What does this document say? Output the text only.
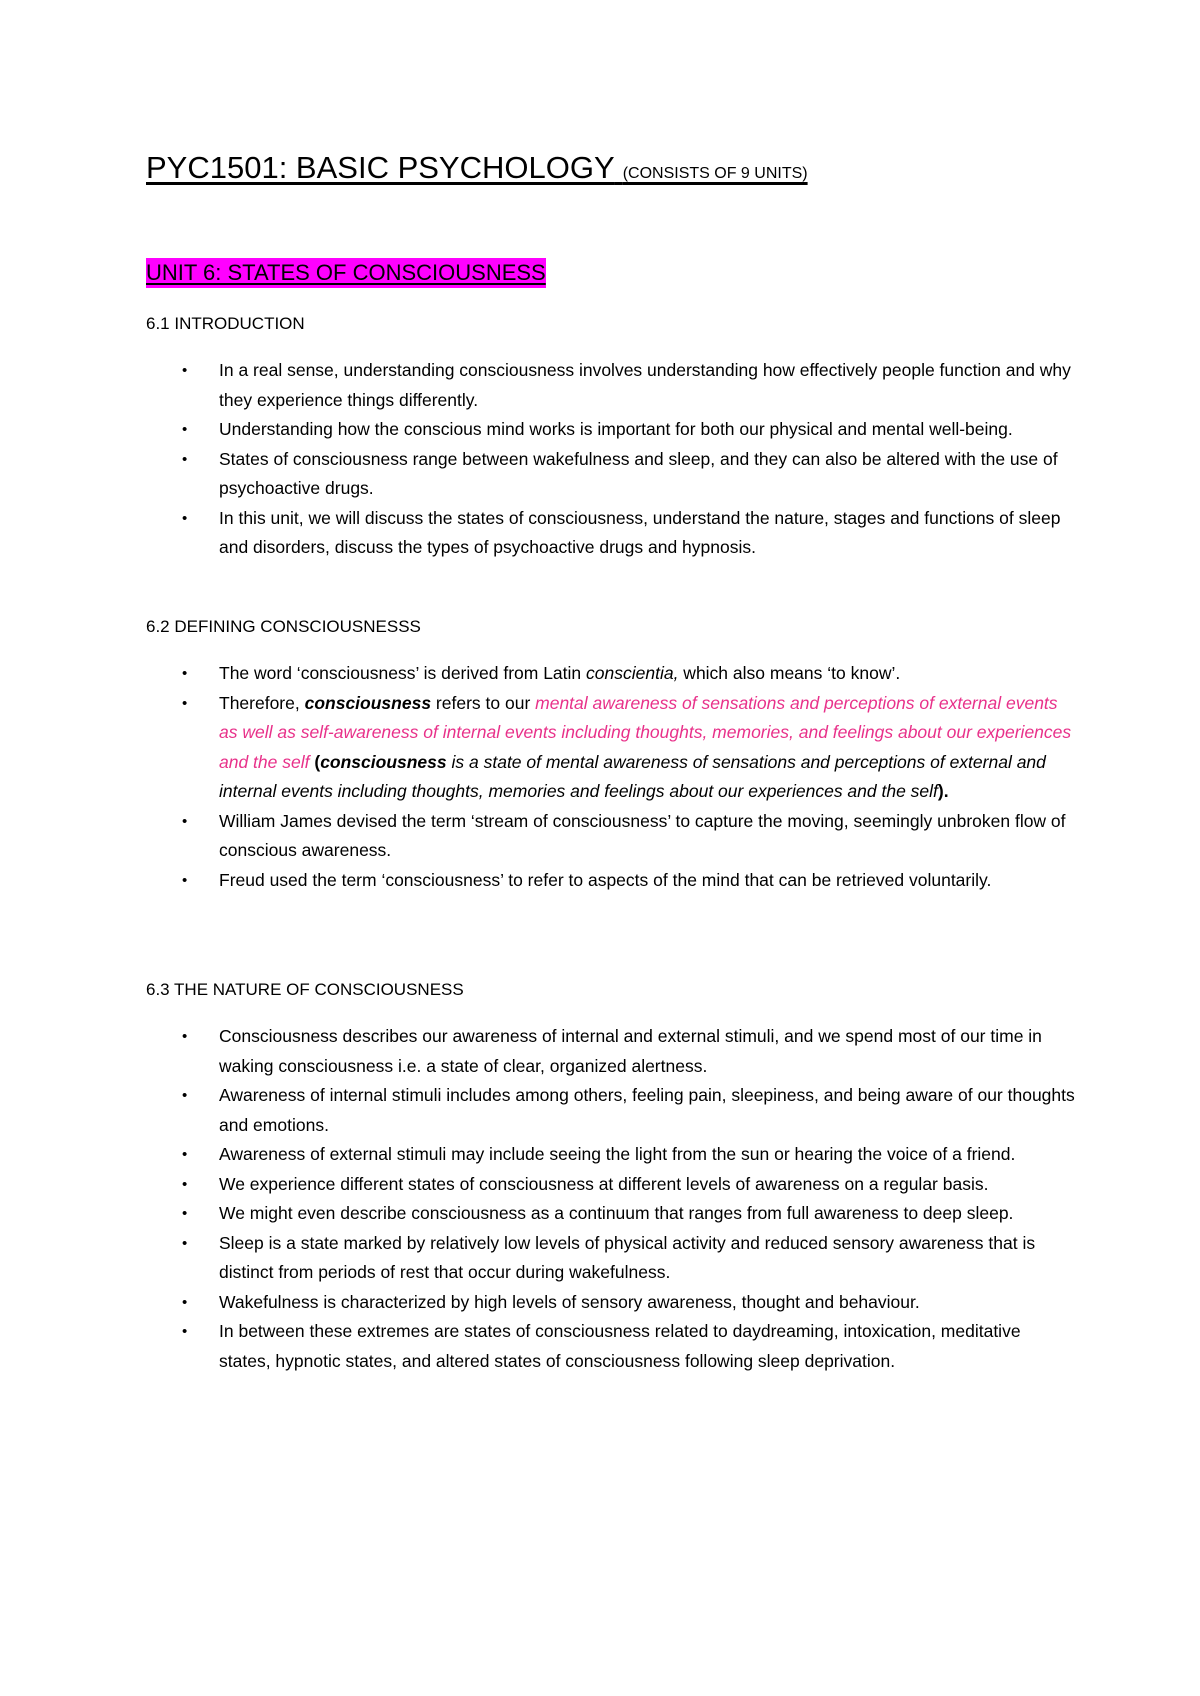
PYC1501: BASIC PSYCHOLOGY (CONSISTS OF 9 UNITS)
UNIT 6: STATES OF CONSCIOUSNESS
6.1 INTRODUCTION
• In a real sense, understanding consciousness involves understanding how effectively people function and why they experience things differently.
• Understanding how the conscious mind works is important for both our physical and mental well-being.
• States of consciousness range between wakefulness and sleep, and they can also be altered with the use of psychoactive drugs.
• In this unit, we will discuss the states of consciousness, understand the nature, stages and functions of sleep and disorders, discuss the types of psychoactive drugs and hypnosis.
6.2 DEFINING CONSCIOUSNESSS
• The word ‘consciousness’ is derived from Latin conscientia, which also means ‘to know’.
• Therefore, consciousness refers to our mental awareness of sensations and perceptions of external events as well as self-awareness of internal events including thoughts, memories, and feelings about our experiences and the self (consciousness is a state of mental awareness of sensations and perceptions of external and internal events including thoughts, memories and feelings about our experiences and the self).
• William James devised the term ‘stream of consciousness’ to capture the moving, seemingly unbroken flow of conscious awareness.
• Freud used the term ‘consciousness’ to refer to aspects of the mind that can be retrieved voluntarily.
6.3 THE NATURE OF CONSCIOUSNESS
• Consciousness describes our awareness of internal and external stimuli, and we spend most of our time in waking consciousness i.e. a state of clear, organized alertness.
• Awareness of internal stimuli includes among others, feeling pain, sleepiness, and being aware of our thoughts and emotions.
• Awareness of external stimuli may include seeing the light from the sun or hearing the voice of a friend.
• We experience different states of consciousness at different levels of awareness on a regular basis.
• We might even describe consciousness as a continuum that ranges from full awareness to deep sleep.
• Sleep is a state marked by relatively low levels of physical activity and reduced sensory awareness that is distinct from periods of rest that occur during wakefulness.
• Wakefulness is characterized by high levels of sensory awareness, thought and behaviour.
• In between these extremes are states of consciousness related to daydreaming, intoxication, meditative states, hypnotic states, and altered states of consciousness following sleep deprivation.
